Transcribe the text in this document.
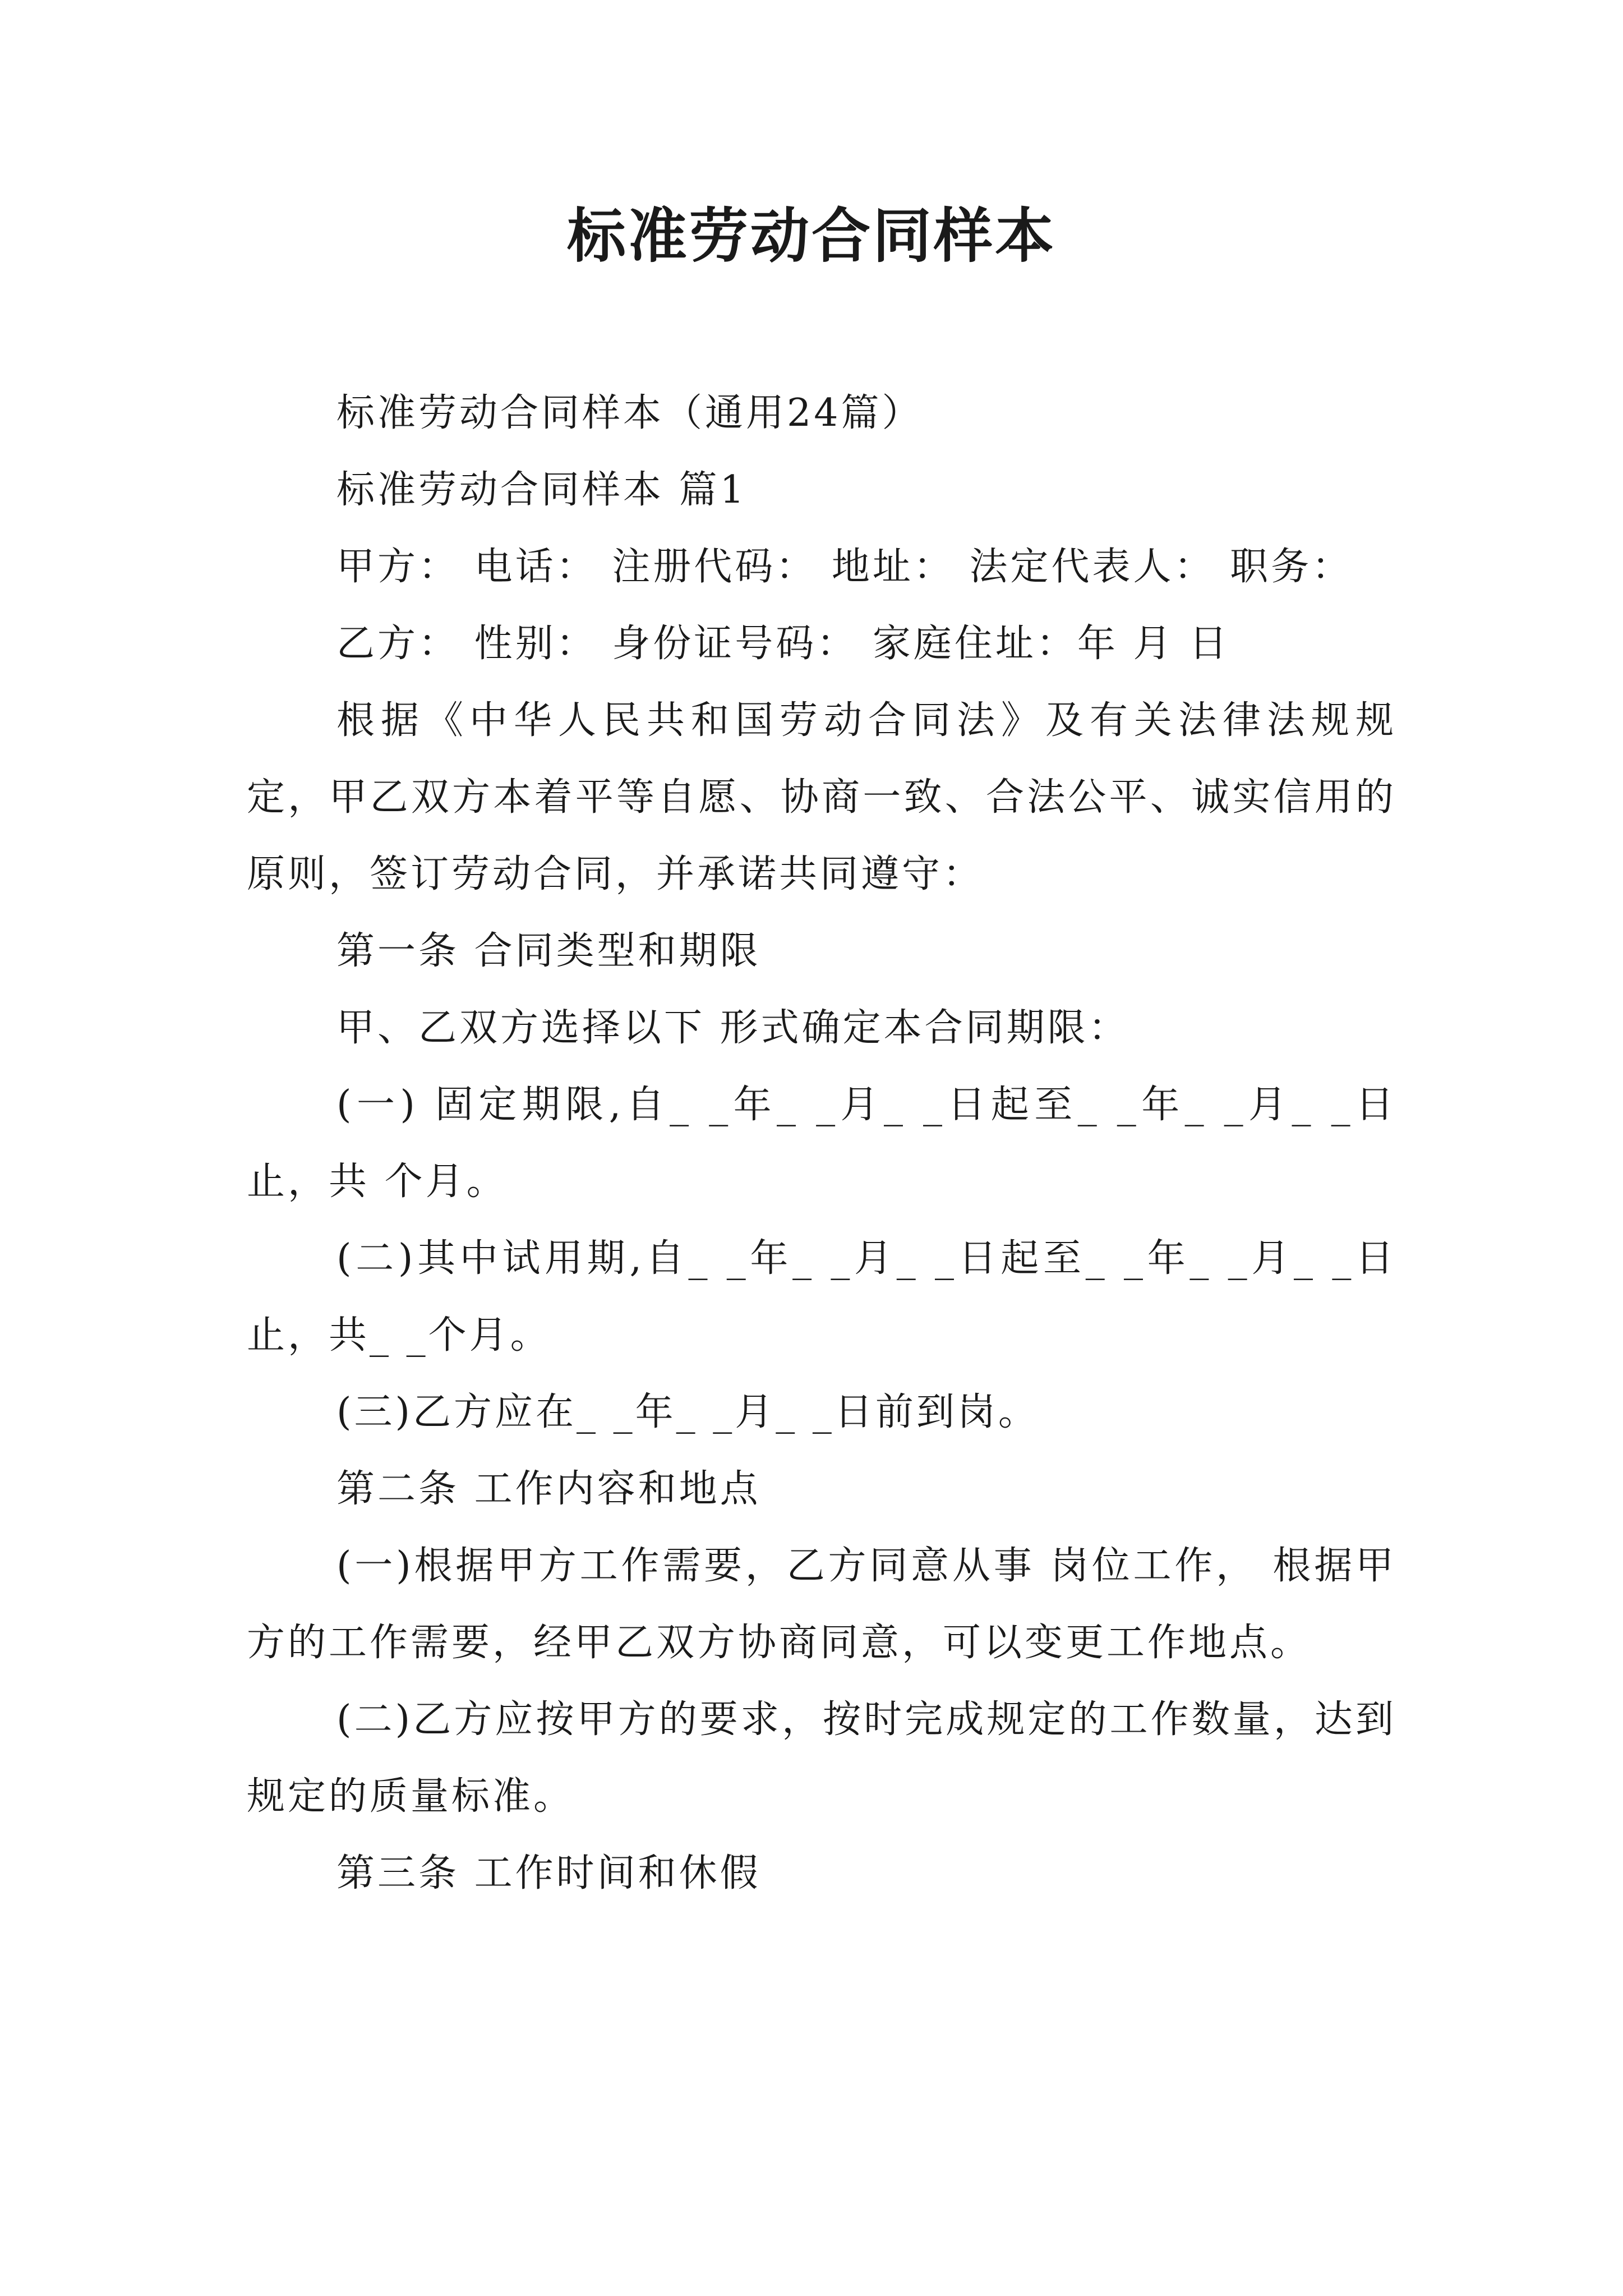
标准劳动合同样本

标准劳动合同样本（通用24篇）

标准劳动合同样本 篇1

甲方： 电话： 注册代码： 地址： 法定代表人： 职务：

乙方： 性别： 身份证号码： 家庭住址：年 月 日

根据《中华人民共和国劳动合同法》及有关法律法规规定，甲乙双方本着平等自愿、协商一致、合法公平、诚实信用的原则，签订劳动合同，并承诺共同遵守：

第一条 合同类型和期限

甲、乙双方选择以下 形式确定本合同期限：

(一) 固定期限,自_ _年_ _月_ _日起至_ _年_ _月_ _日止，共 个月。

(二)其中试用期,自_ _年_ _月_ _日起至_ _年_ _月_ _日止，共_ _个月。

(三)乙方应在_ _年_ _月_ _日前到岗。

第二条 工作内容和地点

(一)根据甲方工作需要，乙方同意从事 岗位工作， 根据甲方的工作需要，经甲乙双方协商同意，可以变更工作地点。

(二)乙方应按甲方的要求，按时完成规定的工作数量，达到规定的质量标准。

第三条 工作时间和休假
